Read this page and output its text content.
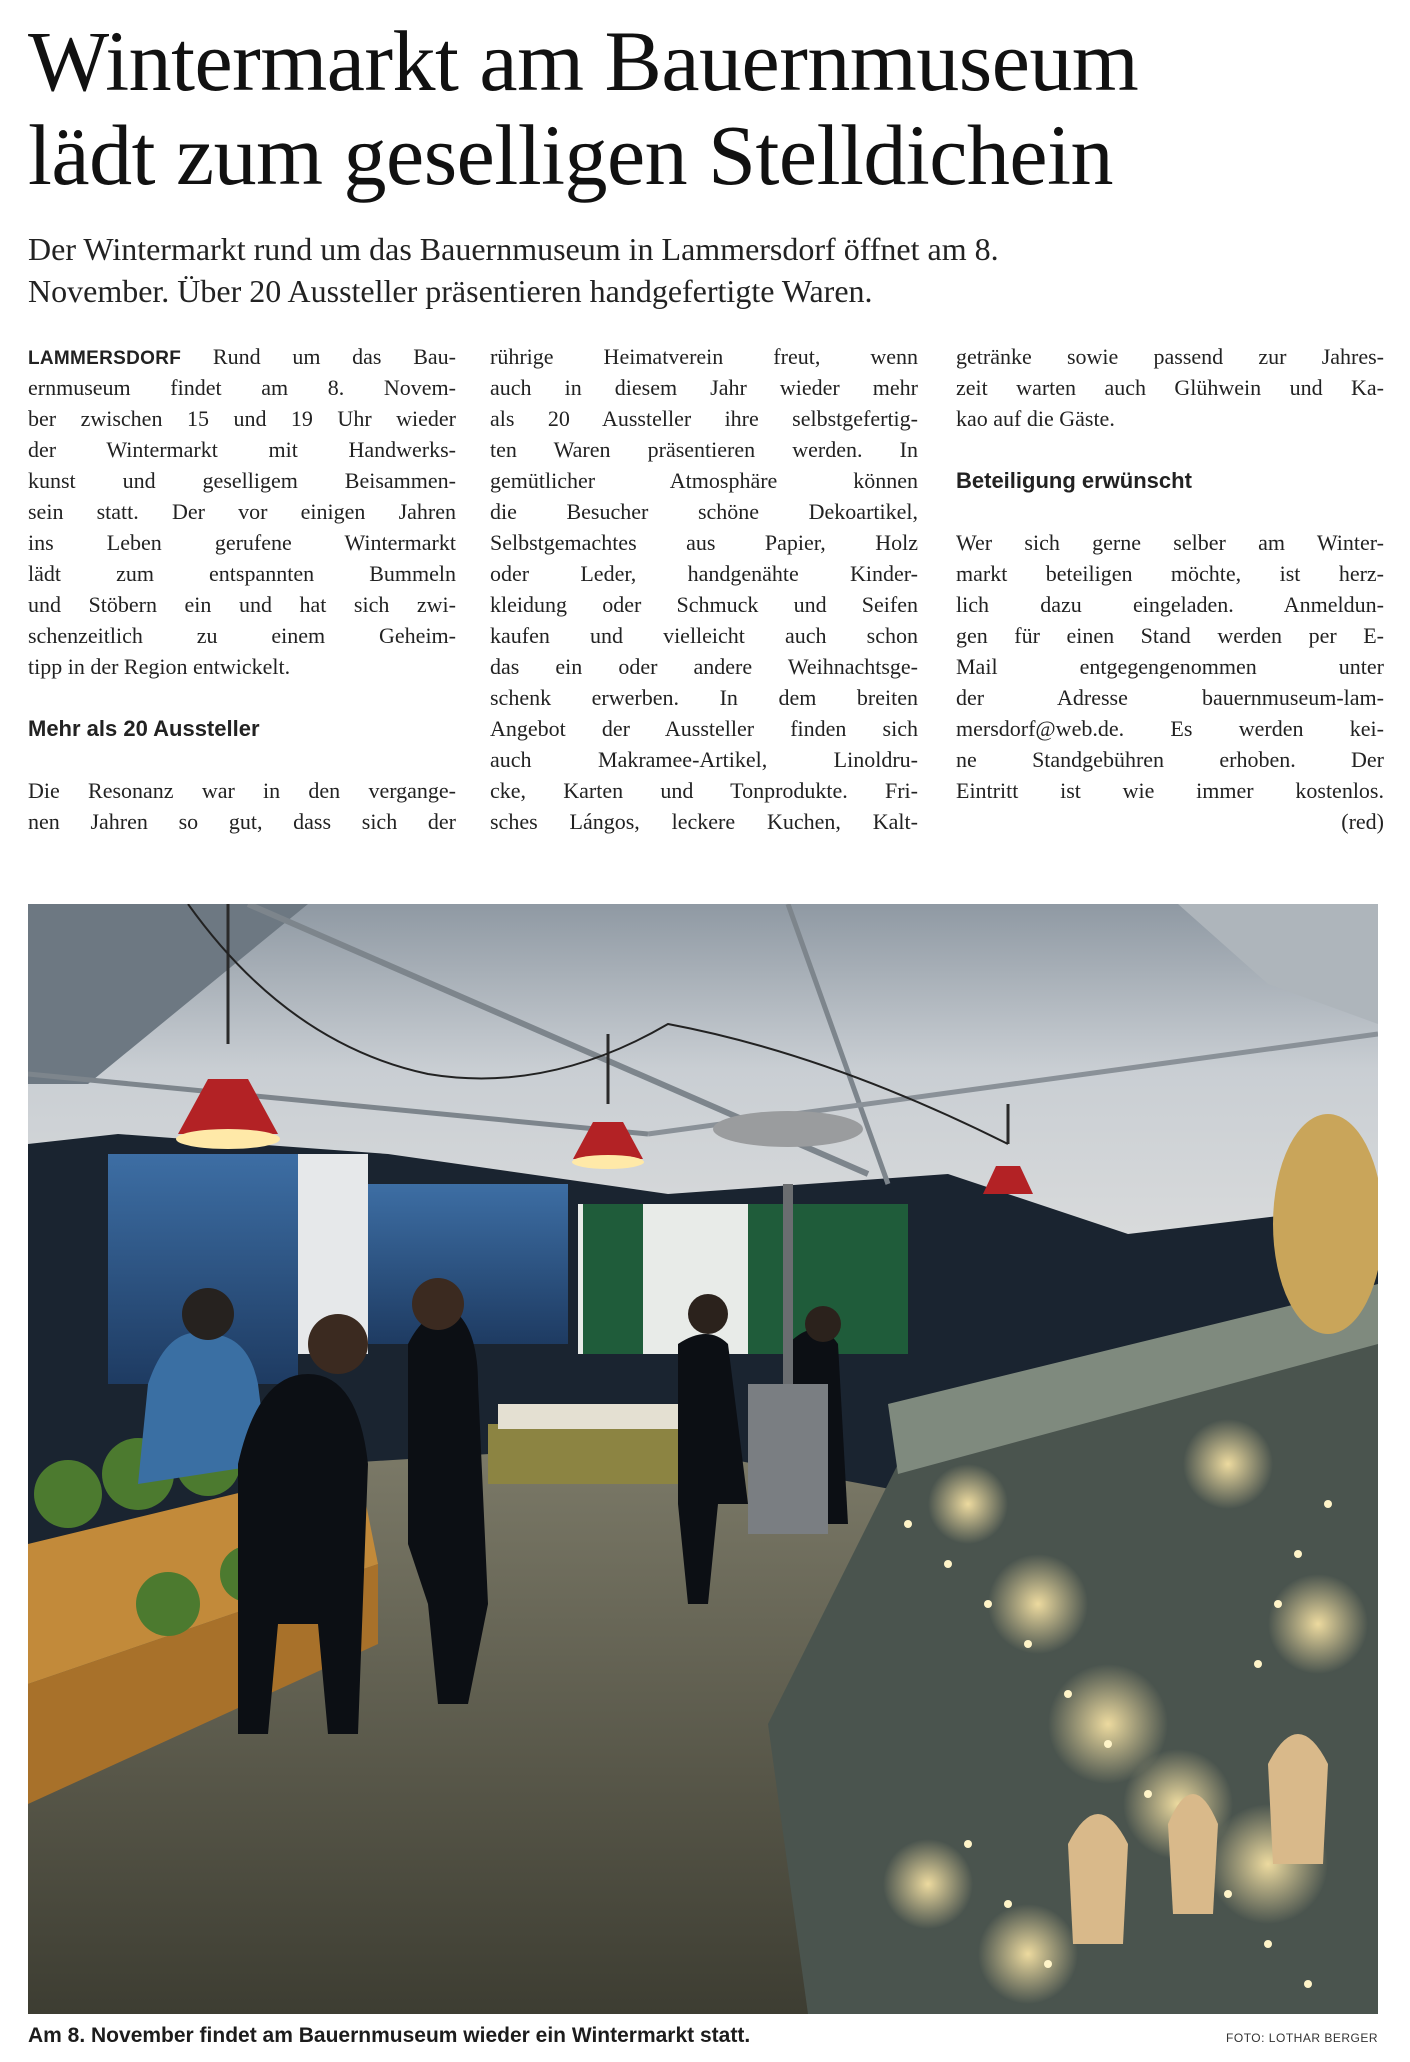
Wintermarkt am Bauernmuseum
lädt zum geselligen Stelldichein
Der Wintermarkt rund um das Bauernmuseum in Lammersdorf öffnet am 8.
November. Über 20 Aussteller präsentieren handgefertigte Waren.
LAMMERSDORF Rund um das Bau-
ernmuseum findet am 8. Novem-
ber zwischen 15 und 19 Uhr wieder
der Wintermarkt mit Handwerks-
kunst und geselligem Beisammen-
sein statt. Der vor einigen Jahren
ins Leben gerufene Wintermarkt
lädt zum entspannten Bummeln
und Stöbern ein und hat sich zwi-
schenzeitlich zu einem Geheim-
tipp in der Region entwickelt.
Mehr als 20 Aussteller
Die Resonanz war in den vergange-
nen Jahren so gut, dass sich der
rührige Heimatverein freut, wenn
auch in diesem Jahr wieder mehr
als 20 Aussteller ihre selbstgefertig-
ten Waren präsentieren werden. In
gemütlicher Atmosphäre können
die Besucher schöne Dekoartikel,
Selbstgemachtes aus Papier, Holz
oder Leder, handgenähte Kinder-
kleidung oder Schmuck und Seifen
kaufen und vielleicht auch schon
das ein oder andere Weihnachtsge-
schenk erwerben. In dem breiten
Angebot der Aussteller finden sich
auch Makramee-Artikel, Linoldru-
cke, Karten und Tonprodukte. Fri-
sches Lángos, leckere Kuchen, Kalt-
getränke sowie passend zur Jahres-
zeit warten auch Glühwein und Ka-
kao auf die Gäste.
Beteiligung erwünscht
Wer sich gerne selber am Winter-
markt beteiligen möchte, ist herz-
lich dazu eingeladen. Anmeldun-
gen für einen Stand werden per E-
Mail entgegengenommen unter
der Adresse bauernmuseum-lam-
mersdorf@web.de. Es werden kei-
ne Standgebühren erhoben. Der
Eintritt ist wie immer kostenlos.
(red)
Am 8. November findet am Bauernmuseum wieder ein Wintermarkt statt.	FOTO: LOTHAR BERGER
